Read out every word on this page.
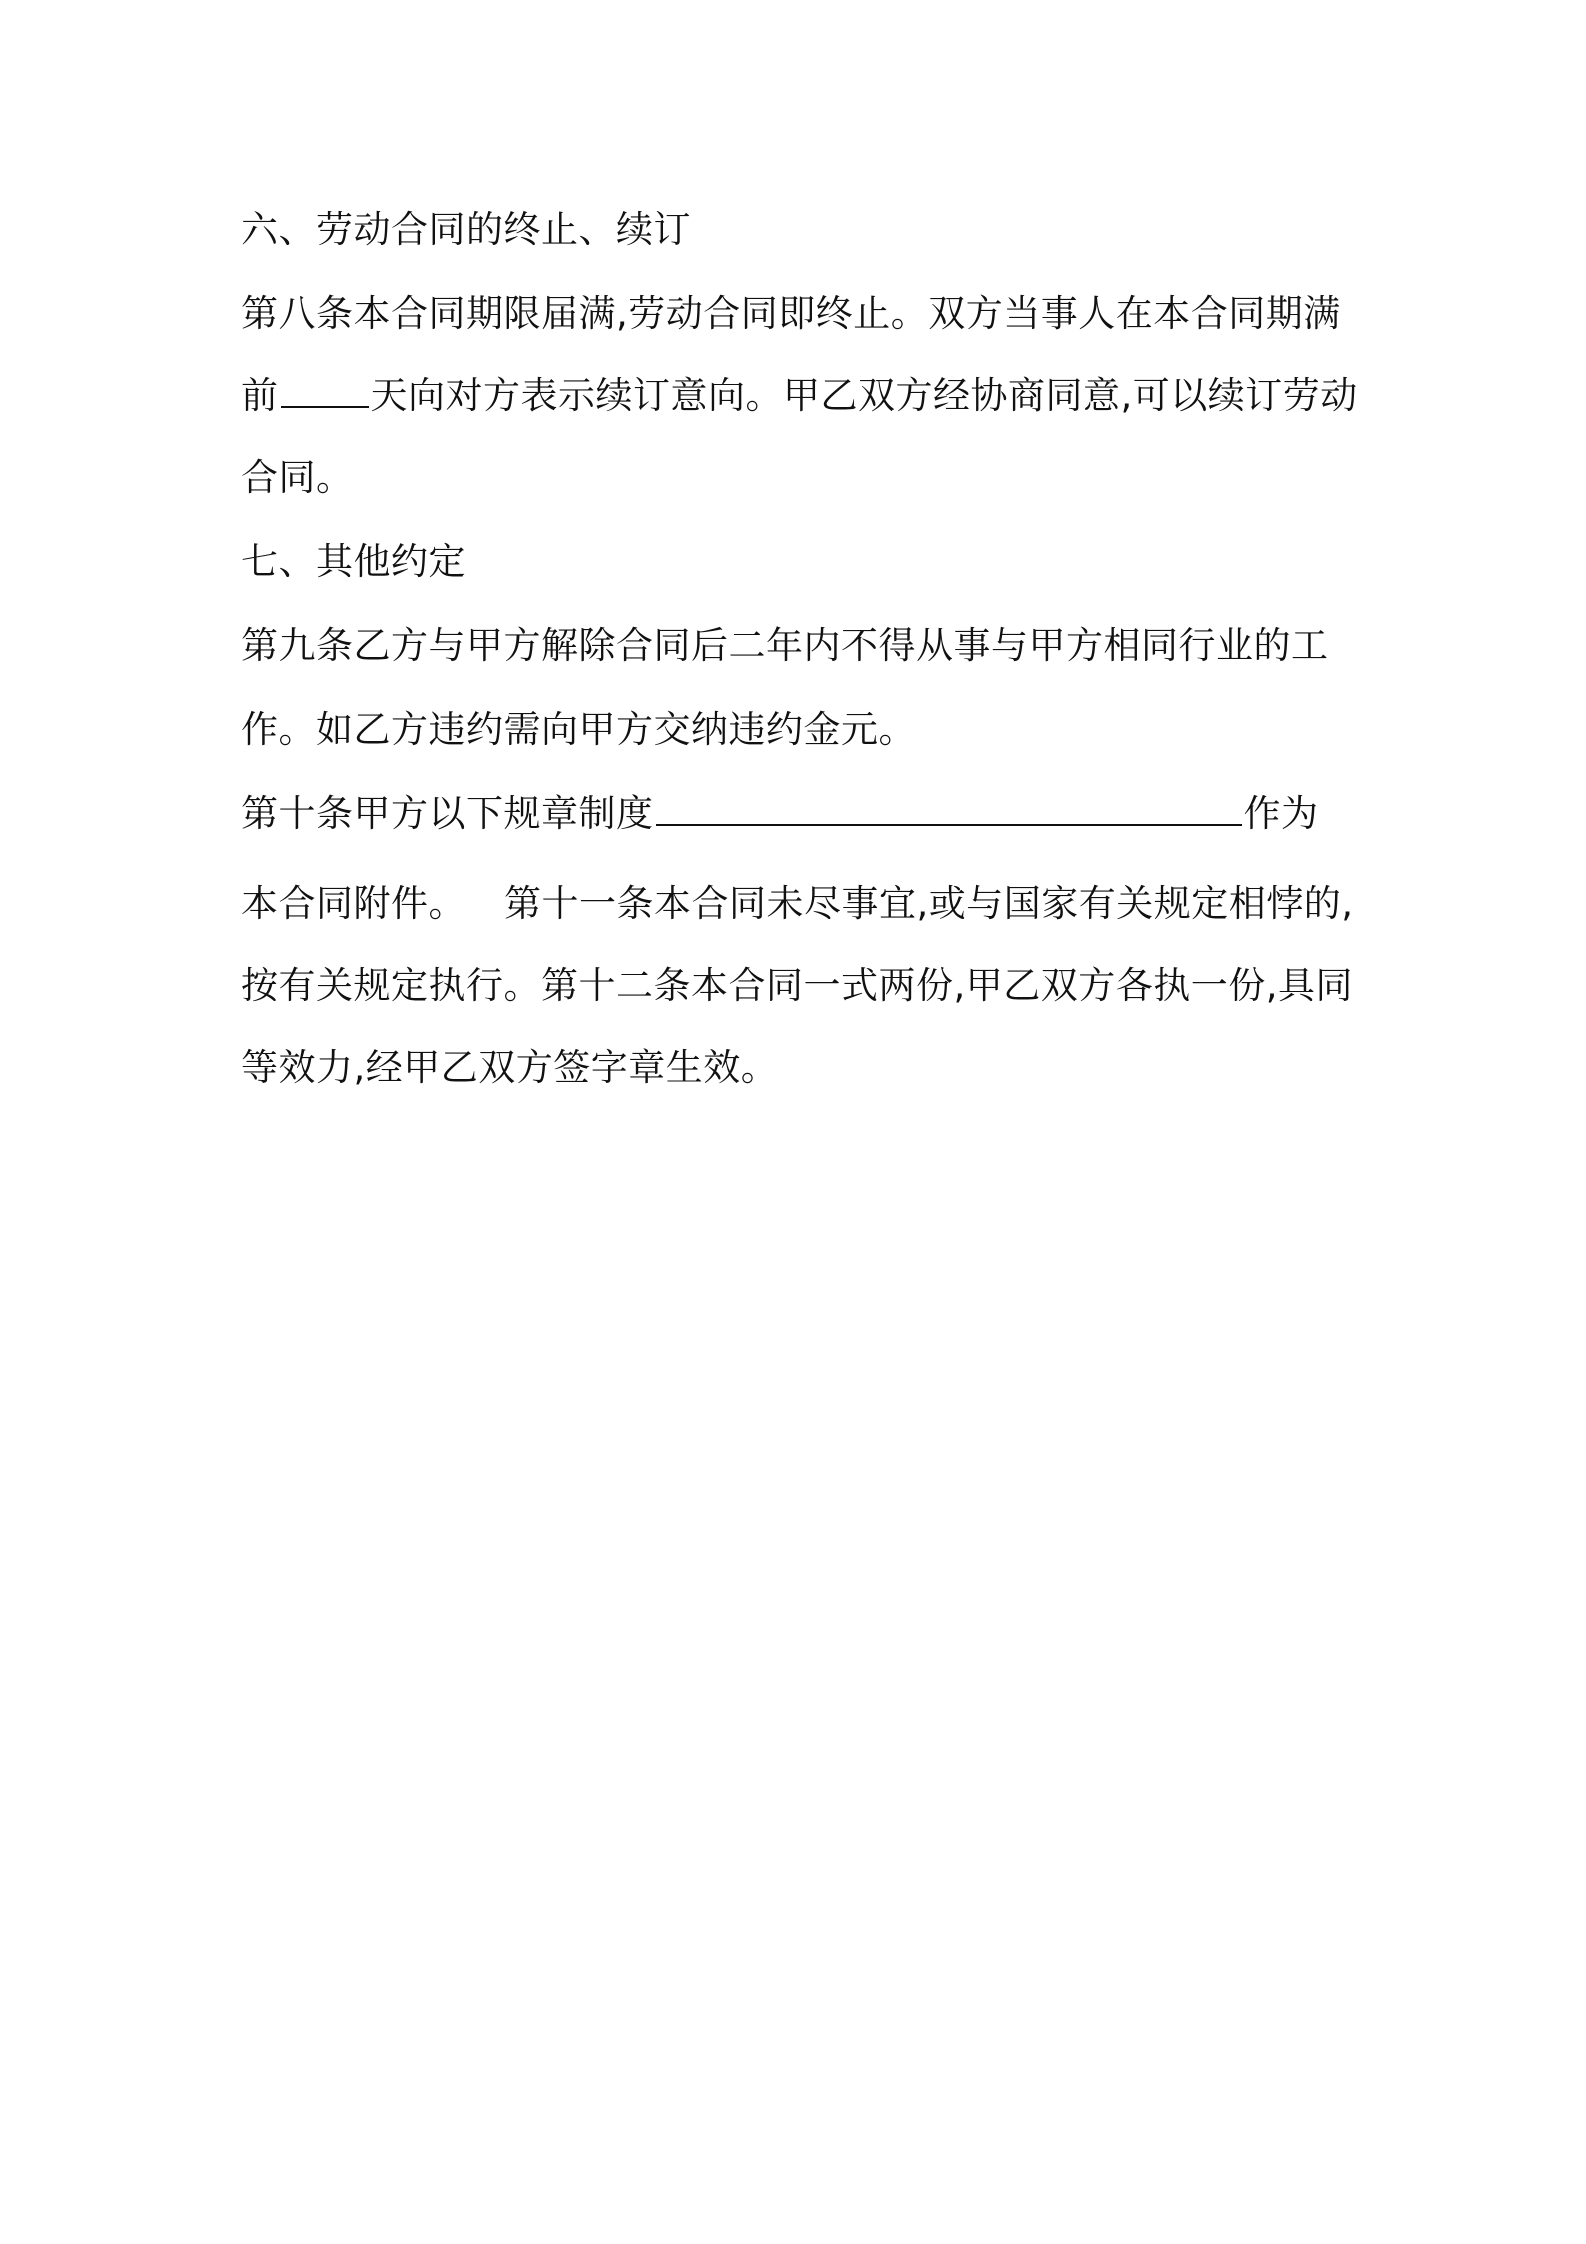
六、劳动合同的终止、续订
第八条本合同期限届满,劳动合同即终止。双方当事人在本合同期满
前 天向对方表示续订意向。甲乙双方经协商同意,可以续订劳动
合同。
七、其他约定
第九条乙方与甲方解除合同后二年内不得从事与甲方相同行业的工
作。如乙方违约需向甲方交纳违约金元。
第十条甲方以下规章制度	作为
本合同附件。 第十一条本合同未尽事宜,或与国家有关规定相悖的,
按有关规定执行。第十二条本合同一式两份,甲乙双方各执一份,具同
等效力,经甲乙双方签字章生效。
